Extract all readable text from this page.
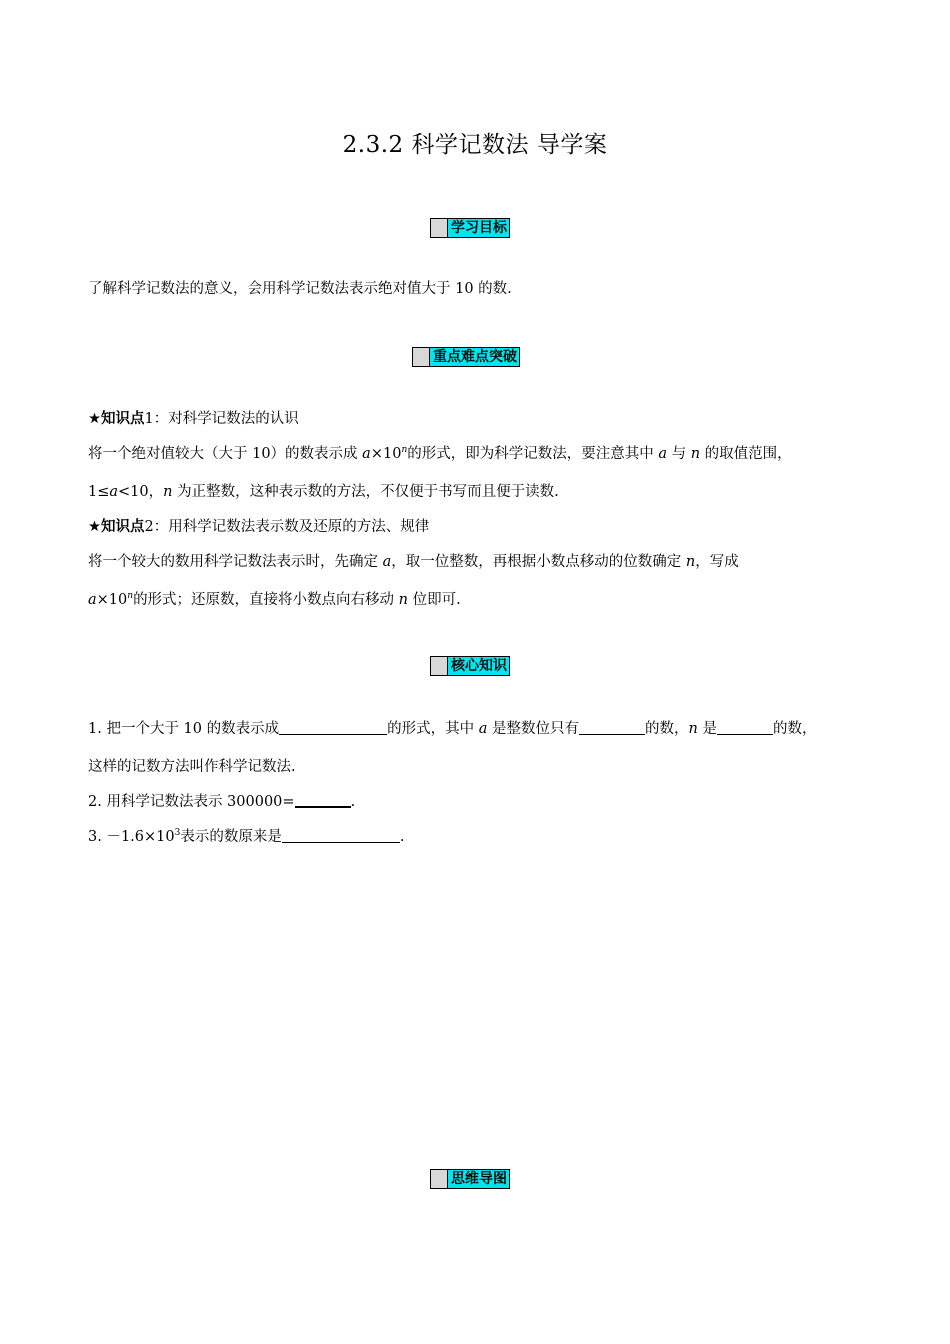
2.3.2 科学记数法 导学案
学习目标
了解科学记数法的意义，会用科学记数法表示绝对值大于 10 的数.
重点难点突破
★知识点1：对科学记数法的认识
将一个绝对值较大（大于 10）的数表示成 $a\times 10^n$的形式，即为科学记数法，要注意其中 a 与 n 的取值范围，
1≤a<10，n 为正整数，这种表示数的方法，不仅便于书写而且便于读数.
★知识点2：用科学记数法表示数及还原的方法、规律
将一个较大的数用科学记数法表示时，先确定 a，取一位整数，再根据小数点移动的位数确定 n，写成
$a\times 10^n$的形式；还原数，直接将小数点向右移动 n 位即可.
核心知识
1. 把一个大于 10 的数表示成	的形式，其中 a 是整数位只有	的数，n 是	的数，
这样的记数方法叫作科学记数法.
2. 用科学记数法表示 300000=	.
3. $-1.6\times 10^3$表示的数原来是	.
思维导图
